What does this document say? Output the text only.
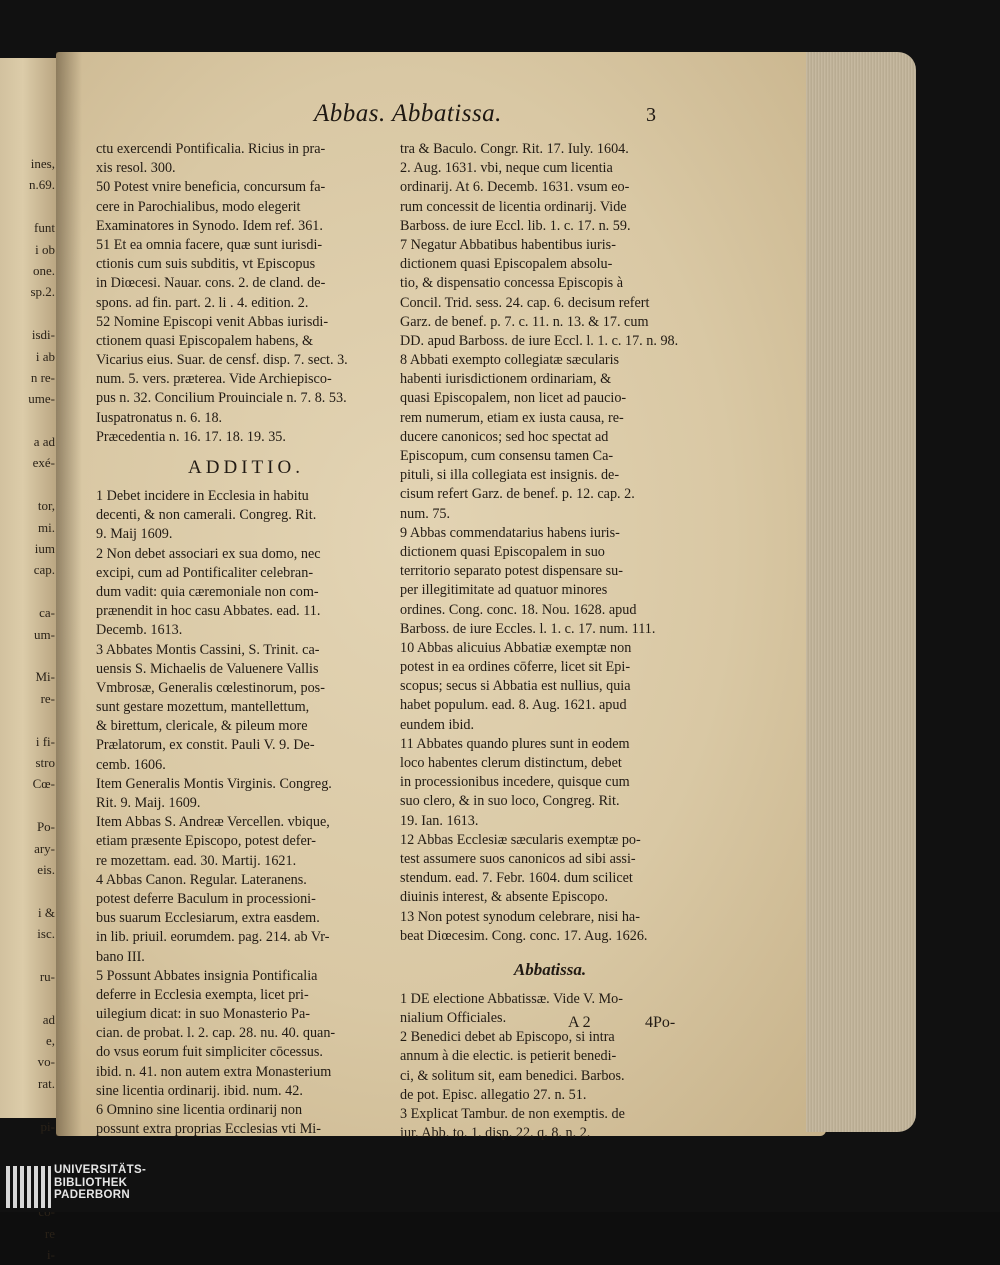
ines,
n.69.
funt
i ob
one.
sp.2.
isdi-
i ab
n re-
ume-
a ad
exé-
tor,
mi.
ium
cap.
ca-
um-
Mi-
re-
i fi-
stro
Cœ-
Po-
ary-
eis.
i &
isc.
ru-
ad
e,
vo-
rat.
pi-
re
i-
Abbas. Abbatissa.	3
ctu exercendi Pontificalia. Ricius in pra-
xis resol. 300.
50 Potest vnire beneficia, concursum fa-
cere in Parochialibus, modo elegerit
Examinatores in Synodo. Idem ref. 361.
51 Et ea omnia facere, quæ sunt iurisdi-
ctionis cum suis subditis, vt Episcopus
in Diœcesi. Nauar. cons. 2. de cland. de-
spons. ad fin. part. 2. li . 4. edition. 2.
52 Nomine Episcopi venit Abbas iurisdi-
ctionem quasi Episcopalem habens, &
Vicarius eius. Suar. de censf. disp. 7. sect. 3.
num. 5. vers. præterea. Vide Archiepisco-
pus n. 32. Concilium Prouinciale n. 7. 8. 53.
Iuspatronatus n. 6. 18.
Præcedentia n. 16. 17. 18. 19. 35.
ADDITIO.
1 Debet incidere in Ecclesia in habitu
decenti, & non camerali. Congreg. Rit.
9. Maij 1609.
2 Non debet associari ex sua domo, nec
excipi, cum ad Pontificaliter celebran-
dum vadit: quia cæremoniale non com-
prænendit in hoc casu Abbates. ead. 11.
Decemb. 1613.
3 Abbates Montis Cassini, S. Trinit. ca-
uensis S. Michaelis de Valuenere Vallis
Vmbrosæ, Generalis cœlestinorum, pos-
sunt gestare mozettum, mantellettum,
& birettum, clericale, & pileum more
Prælatorum, ex constit. Pauli V. 9. De-
cemb. 1606.
Item Generalis Montis Virginis. Congreg.
Rit. 9. Maij. 1609.
Item Abbas S. Andreæ Vercellen. vbique,
etiam præsente Episcopo, potest defer-
re mozettam. ead. 30. Martij. 1621.
4 Abbas Canon. Regular. Lateranens.
potest deferre Baculum in processioni-
bus suarum Ecclesiarum, extra easdem.
in lib. priuil. eorumdem. pag. 214. ab Vr-
bano III.
5 Possunt Abbates insignia Pontificalia
deferre in Ecclesia exempta, licet pri-
uilegium dicat: in suo Monasterio Pa-
cian. de probat. l. 2. cap. 28. nu. 40. quan-
do vsus eorum fuit simpliciter cōcessus.
ibid. n. 41. non autem extra Monasterium
sine licentia ordinarij. ibid. num. 42.
6 Omnino sine licentia ordinarij non
possunt extra proprias Ecclesias vti Mi-
tra & Baculo. Congr. Rit. 17. Iuly. 1604.
2. Aug. 1631. vbi, neque cum licentia
ordinarij. At 6. Decemb. 1631. vsum eo-
rum concessit de licentia ordinarij. Vide
Barboss. de iure Eccl. lib. 1. c. 17. n. 59.
7 Negatur Abbatibus habentibus iuris-
dictionem quasi Episcopalem absolu-
tio, & dispensatio concessa Episcopis à
Concil. Trid. sess. 24. cap. 6. decisum refert
Garz. de benef. p. 7. c. 11. n. 13. & 17. cum
DD. apud Barboss. de iure Eccl. l. 1. c. 17. n. 98.
8 Abbati exempto collegiatæ sæcularis
habenti iurisdictionem ordinariam, &
quasi Episcopalem, non licet ad paucio-
rem numerum, etiam ex iusta causa, re-
ducere canonicos; sed hoc spectat ad
Episcopum, cum consensu tamen Ca-
pituli, si illa collegiata est insignis. de-
cisum refert Garz. de benef. p. 12. cap. 2.
num. 75.
9 Abbas commendatarius habens iuris-
dictionem quasi Episcopalem in suo
territorio separato potest dispensare su-
per illegitimitate ad quatuor minores
ordines. Cong. conc. 18. Nou. 1628. apud
Barboss. de iure Eccles. l. 1. c. 17. num. 111.
10 Abbas alicuius Abbatiæ exemptæ non
potest in ea ordines cōferre, licet sit Epi-
scopus; secus si Abbatia est nullius, quia
habet populum. ead. 8. Aug. 1621. apud
eundem ibid.
11 Abbates quando plures sunt in eodem
loco habentes clerum distinctum, debet
in processionibus incedere, quisque cum
suo clero, & in suo loco, Congreg. Rit.
19. Ian. 1613.
12 Abbas Ecclesiæ sæcularis exemptæ po-
test assumere suos canonicos ad sibi assi-
stendum. ead. 7. Febr. 1604. dum scilicet
diuinis interest, & absente Episcopo.
13 Non potest synodum celebrare, nisi ha-
beat Diœcesim. Cong. conc. 17. Aug. 1626.
Abbatissa.
1 DE electione Abbatissæ. Vide V. Mo-
nialium Officiales.
2 Benedici debet ab Episcopo, si intra
annum à die electic. is petierit benedi-
ci, & solitum sit, eam benedici. Barbos.
de pot. Episc. allegatio 27. n. 51.
3 Explicat Tambur. de non exemptis. de
iur. Abb. to. 1. disp. 22. q. 8. n. 2.
A 2	4Po-
UNIVERSITÄTS-
BIBLIOTHEK
PADERBORN
